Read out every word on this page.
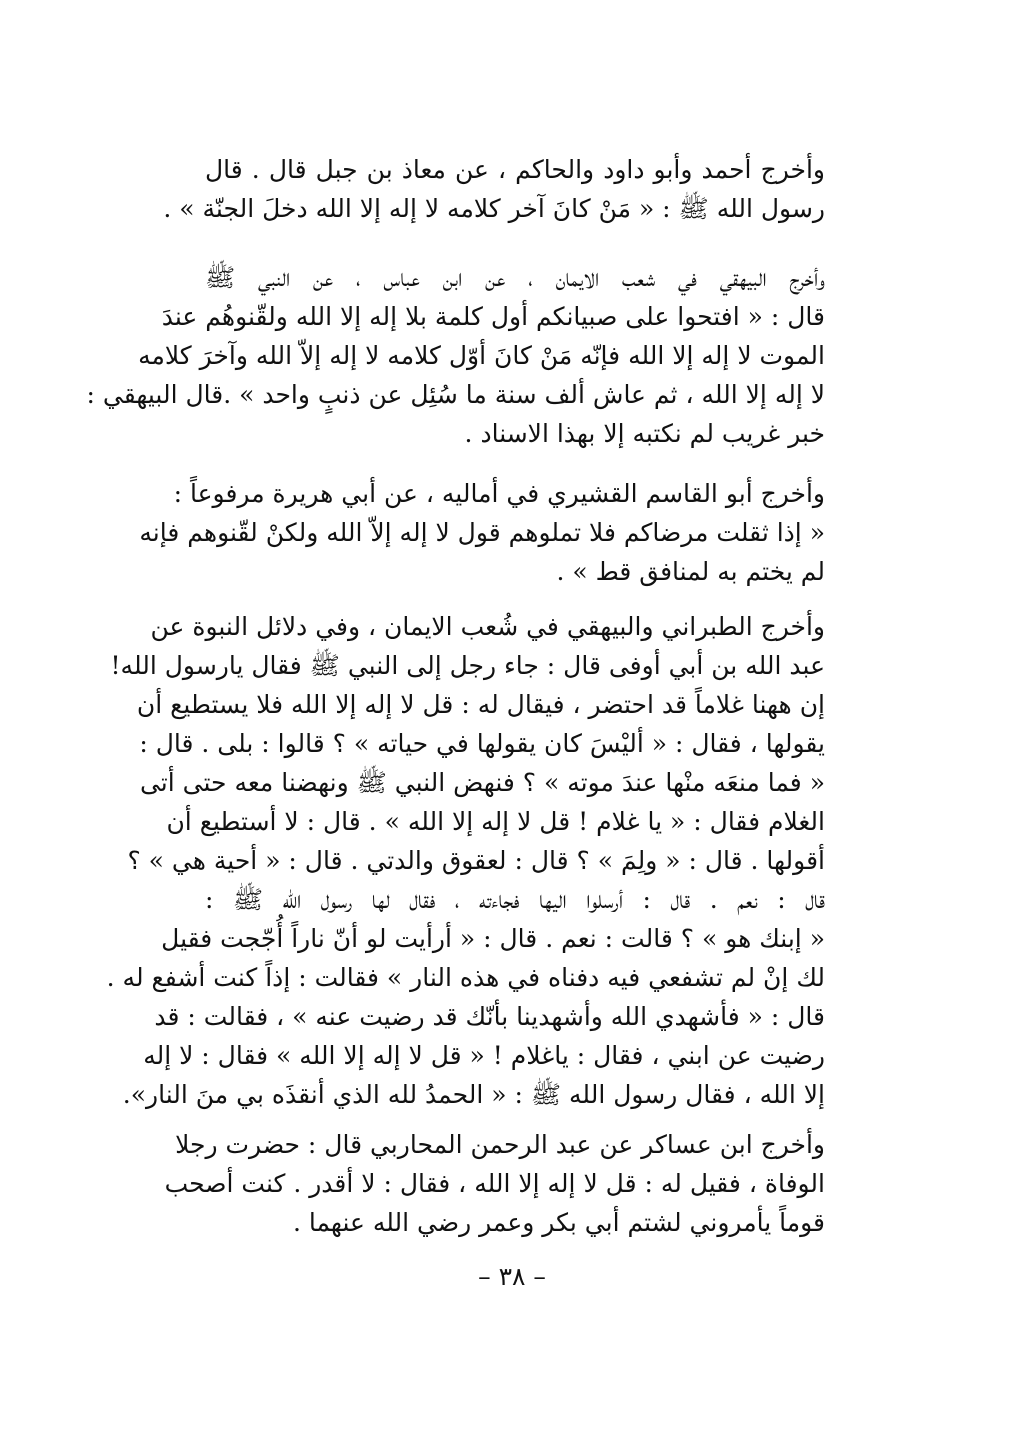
وأخرج أحمد وأبو داود والحاكم ، عن معاذ بن جبل قال . قال
رسول الله ﷺ : « مَنْ كانَ آخر كلامه لا إله إلا الله دخلَ الجنّة » .
وأخرج البيهقي في شعب الايمان ، عن ابن عباس ، عن النبي ﷺ
قال : « افتحوا على صبيانكم أول كلمة بلا إله إلا الله ولقّنوهُم عندَ
الموت لا إله إلا الله فإنّه مَنْ كانَ أوّل كلامه لا إله إلاّ الله وآخرَ كلامه
لا إله إلا الله ، ثم عاش ألف سنة ما سُئِل عن ذنبٍ واحد » .قال البيهقي :
خبر غريب لم نكتبه إلا بهذا الاسناد .
وأخرج أبو القاسم القشيري في أماليه ، عن أبي هريرة مرفوعاً :
« إذا ثقلت مرضاكم فلا تملوهم قول لا إله إلاّ الله ولكنْ لقّنوهم فإنه
لم يختم به لمنافق قط » .
وأخرج الطبراني والبيهقي في شُعب الايمان ، وفي دلائل النبوة عن
عبد الله بن أبي أوفى قال : جاء رجل إلى النبي ﷺ فقال يارسول الله!
إن ههنا غلاماً قد احتضر ، فيقال له : قل لا إله إلا الله فلا يستطيع أن
يقولها ، فقال : « أليْسَ كان يقولها في حياته » ؟ قالوا : بلى . قال :
« فما منعَه منْها عندَ موته » ؟ فنهض النبي ﷺ ونهضنا معه حتى أتى
الغلام فقال : « يا غلام ! قل لا إله إلا الله » . قال : لا أستطيع أن
أقولها . قال : « ولِمَ » ؟ قال : لعقوق والدتي . قال : « أحية هي » ؟
قال : نعم . قال : أرسلوا اليها فجاءته ، فقال لها رسول الله ﷺ :
« إبنك هو » ؟ قالت : نعم . قال : « أرأيت لو أنّ ناراً أُجّجت فقيل
لك إنْ لم تشفعي فيه دفناه في هذه النار » فقالت : إذاً كنت أشفع له .
قال : « فأشهدي الله وأشهدينا بأنّك قد رضيت عنه » ، فقالت : قد
رضيت عن ابني ، فقال : ياغلام ! « قل لا إله إلا الله » فقال : لا إله
إلا الله ، فقال رسول الله ﷺ : « الحمدُ لله الذي أنقذَه بي منَ النار».
وأخرج ابن عساكر عن عبد الرحمن المحاربي قال : حضرت رجلا
الوفاة ، فقيل له : قل لا إله إلا الله ، فقال : لا أقدر . كنت أصحب
قوماً يأمروني لشتم أبي بكر وعمر رضي الله عنهما .
– ٣٨ –
